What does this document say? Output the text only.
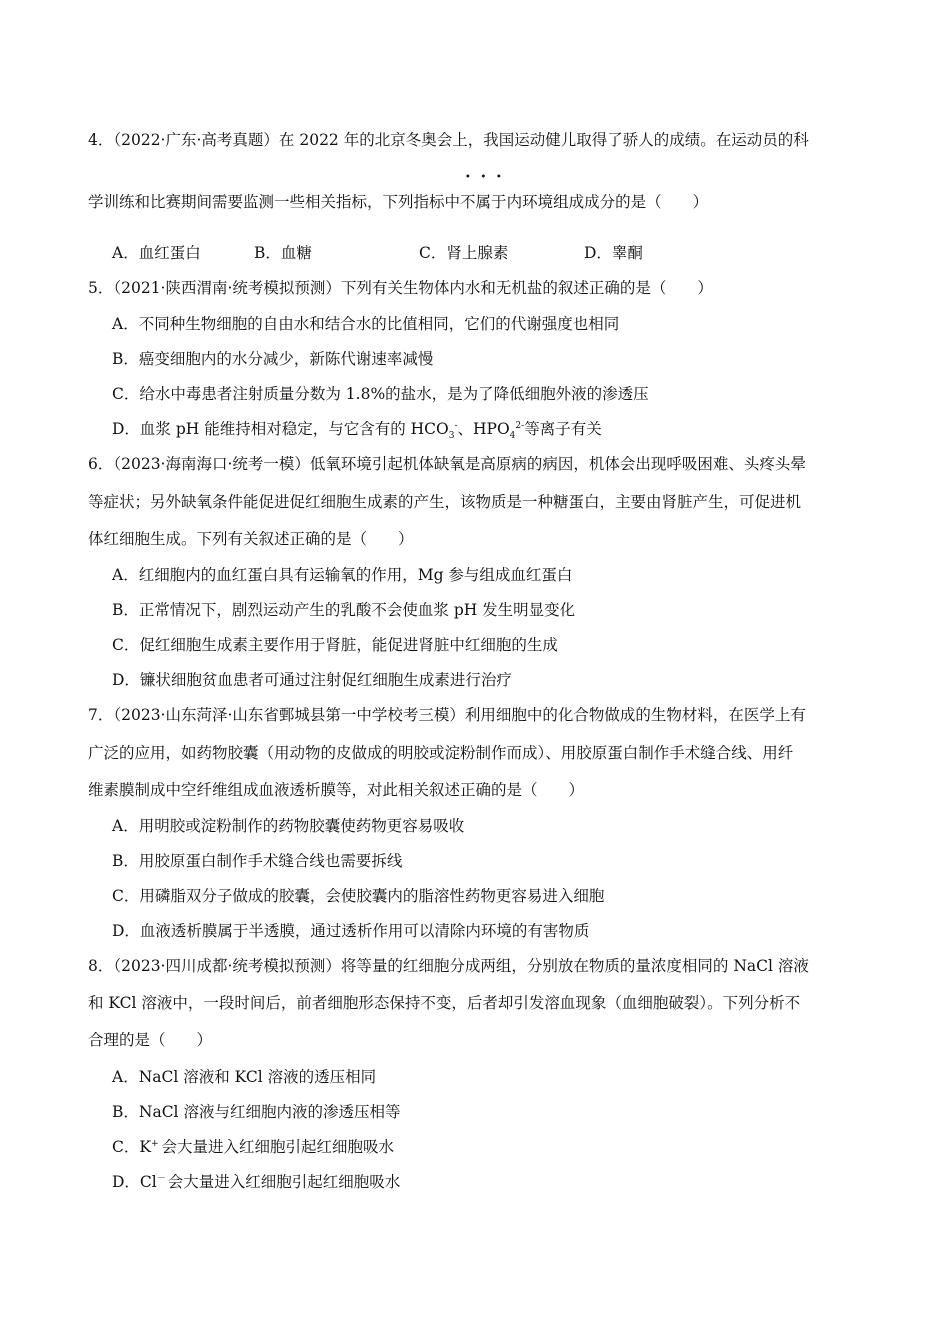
4．（2022·广东·高考真题）在 2022 年的北京冬奥会上，我国运动健儿取得了骄人的成绩。在运动员的科
学训练和比赛期间需要监测一些相关指标，下列指标中不属于内环境组成成分的是（　　）
A．血红蛋白	B．血糖	C．肾上腺素	D．睾酮
5．（2021·陕西渭南·统考模拟预测）下列有关生物体内水和无机盐的叙述正确的是（　　）
A．不同种生物细胞的自由水和结合水的比值相同，它们的代谢强度也相同
B．癌变细胞内的水分减少，新陈代谢速率减慢
C．给水中毒患者注射质量分数为 1.8%的盐水，是为了降低细胞外液的渗透压
D．血浆 pH 能维持相对稳定，与它含有的 $HCO_3^-$、$HPO_4^{2-}$等离子有关
6．（2023·海南海口·统考一模）低氧环境引起机体缺氧是高原病的病因，机体会出现呼吸困难、头疼头晕
等症状；另外缺氧条件能促进促红细胞生成素的产生，该物质是一种糖蛋白，主要由肾脏产生，可促进机
体红细胞生成。下列有关叙述正确的是（　　）
A．红细胞内的血红蛋白具有运输氧的作用，Mg 参与组成血红蛋白
B．正常情况下，剧烈运动产生的乳酸不会使血浆 pH 发生明显变化
C．促红细胞生成素主要作用于肾脏，能促进肾脏中红细胞的生成
D．镰状细胞贫血患者可通过注射促红细胞生成素进行治疗
7．（2023·山东菏泽·山东省鄄城县第一中学校考三模）利用细胞中的化合物做成的生物材料，在医学上有
广泛的应用，如药物胶囊（用动物的皮做成的明胶或淀粉制作而成）、用胶原蛋白制作手术缝合线、用纤
维素膜制成中空纤维组成血液透析膜等，对此相关叙述正确的是（　　）
A．用明胶或淀粉制作的药物胶囊使药物更容易吸收
B．用胶原蛋白制作手术缝合线也需要拆线
C．用磷脂双分子做成的胶囊，会使胶囊内的脂溶性药物更容易进入细胞
D．血液透析膜属于半透膜，通过透析作用可以清除内环境的有害物质
8．（2023·四川成都·统考模拟预测）将等量的红细胞分成两组，分别放在物质的量浓度相同的 NaCl 溶液
和 KCl 溶液中，一段时间后，前者细胞形态保持不变，后者却引发溶血现象（血细胞破裂）。下列分析不
合理的是（　　）
A．NaCl 溶液和 KCl 溶液的透压相同
B．NaCl 溶液与红细胞内液的渗透压相等
C．K+ 会大量进入红细胞引起红细胞吸水
D．Cl－ 会大量进入红细胞引起红细胞吸水
